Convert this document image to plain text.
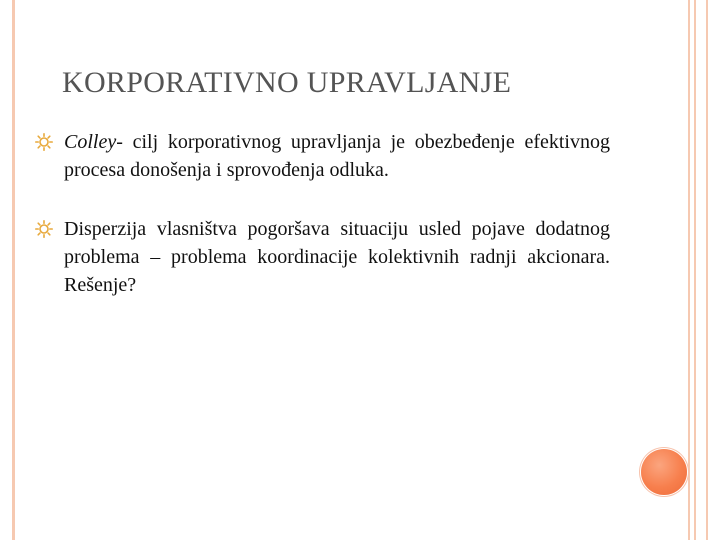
KORPORATIVNO UPRAVLJANJE
Colley- cilj korporativnog upravljanja je obezbeđenje efektivnog procesa donošenja i sprovođenja odluka.
Disperzija vlasništva pogoršava situaciju usled pojave dodatnog problema – problema koordinacije kolektivnih radnji akcionara. Rešenje?
